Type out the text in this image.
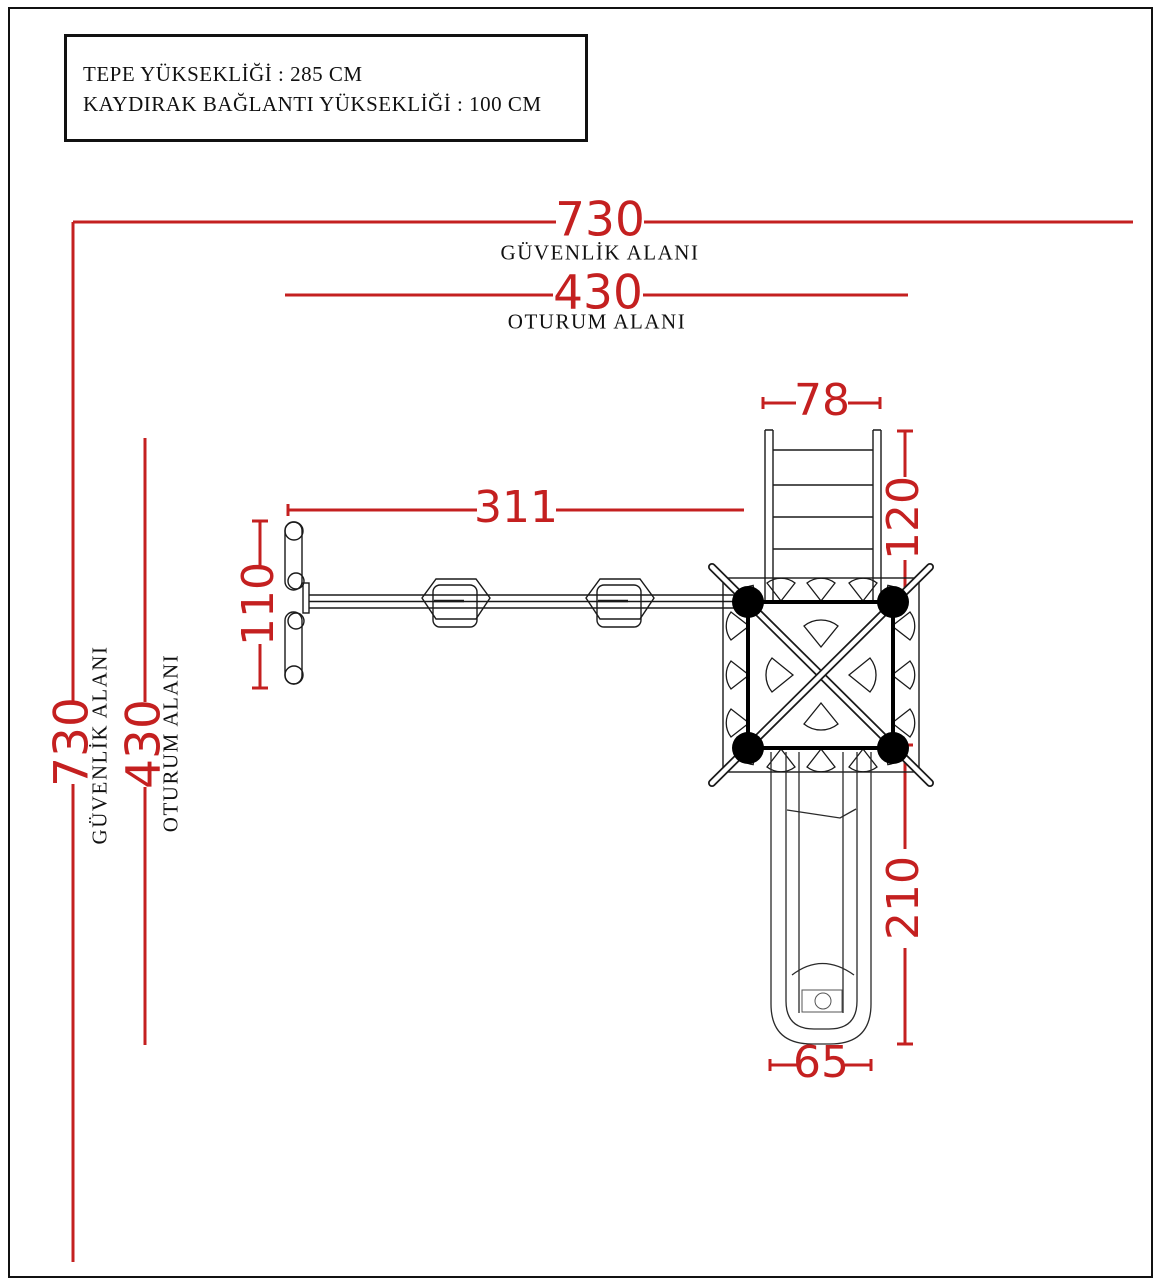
TEPE YÜKSEKLİĞİ : 285 CM
KAYDIRAK BAĞLANTI YÜKSEKLİĞİ : 100 CM
730
GÜVENLİK ALANI
430
OTURUM ALANI
730
GÜVENLİK ALANI 430
OTURUM ALANI
311
110
78
120
210
65
